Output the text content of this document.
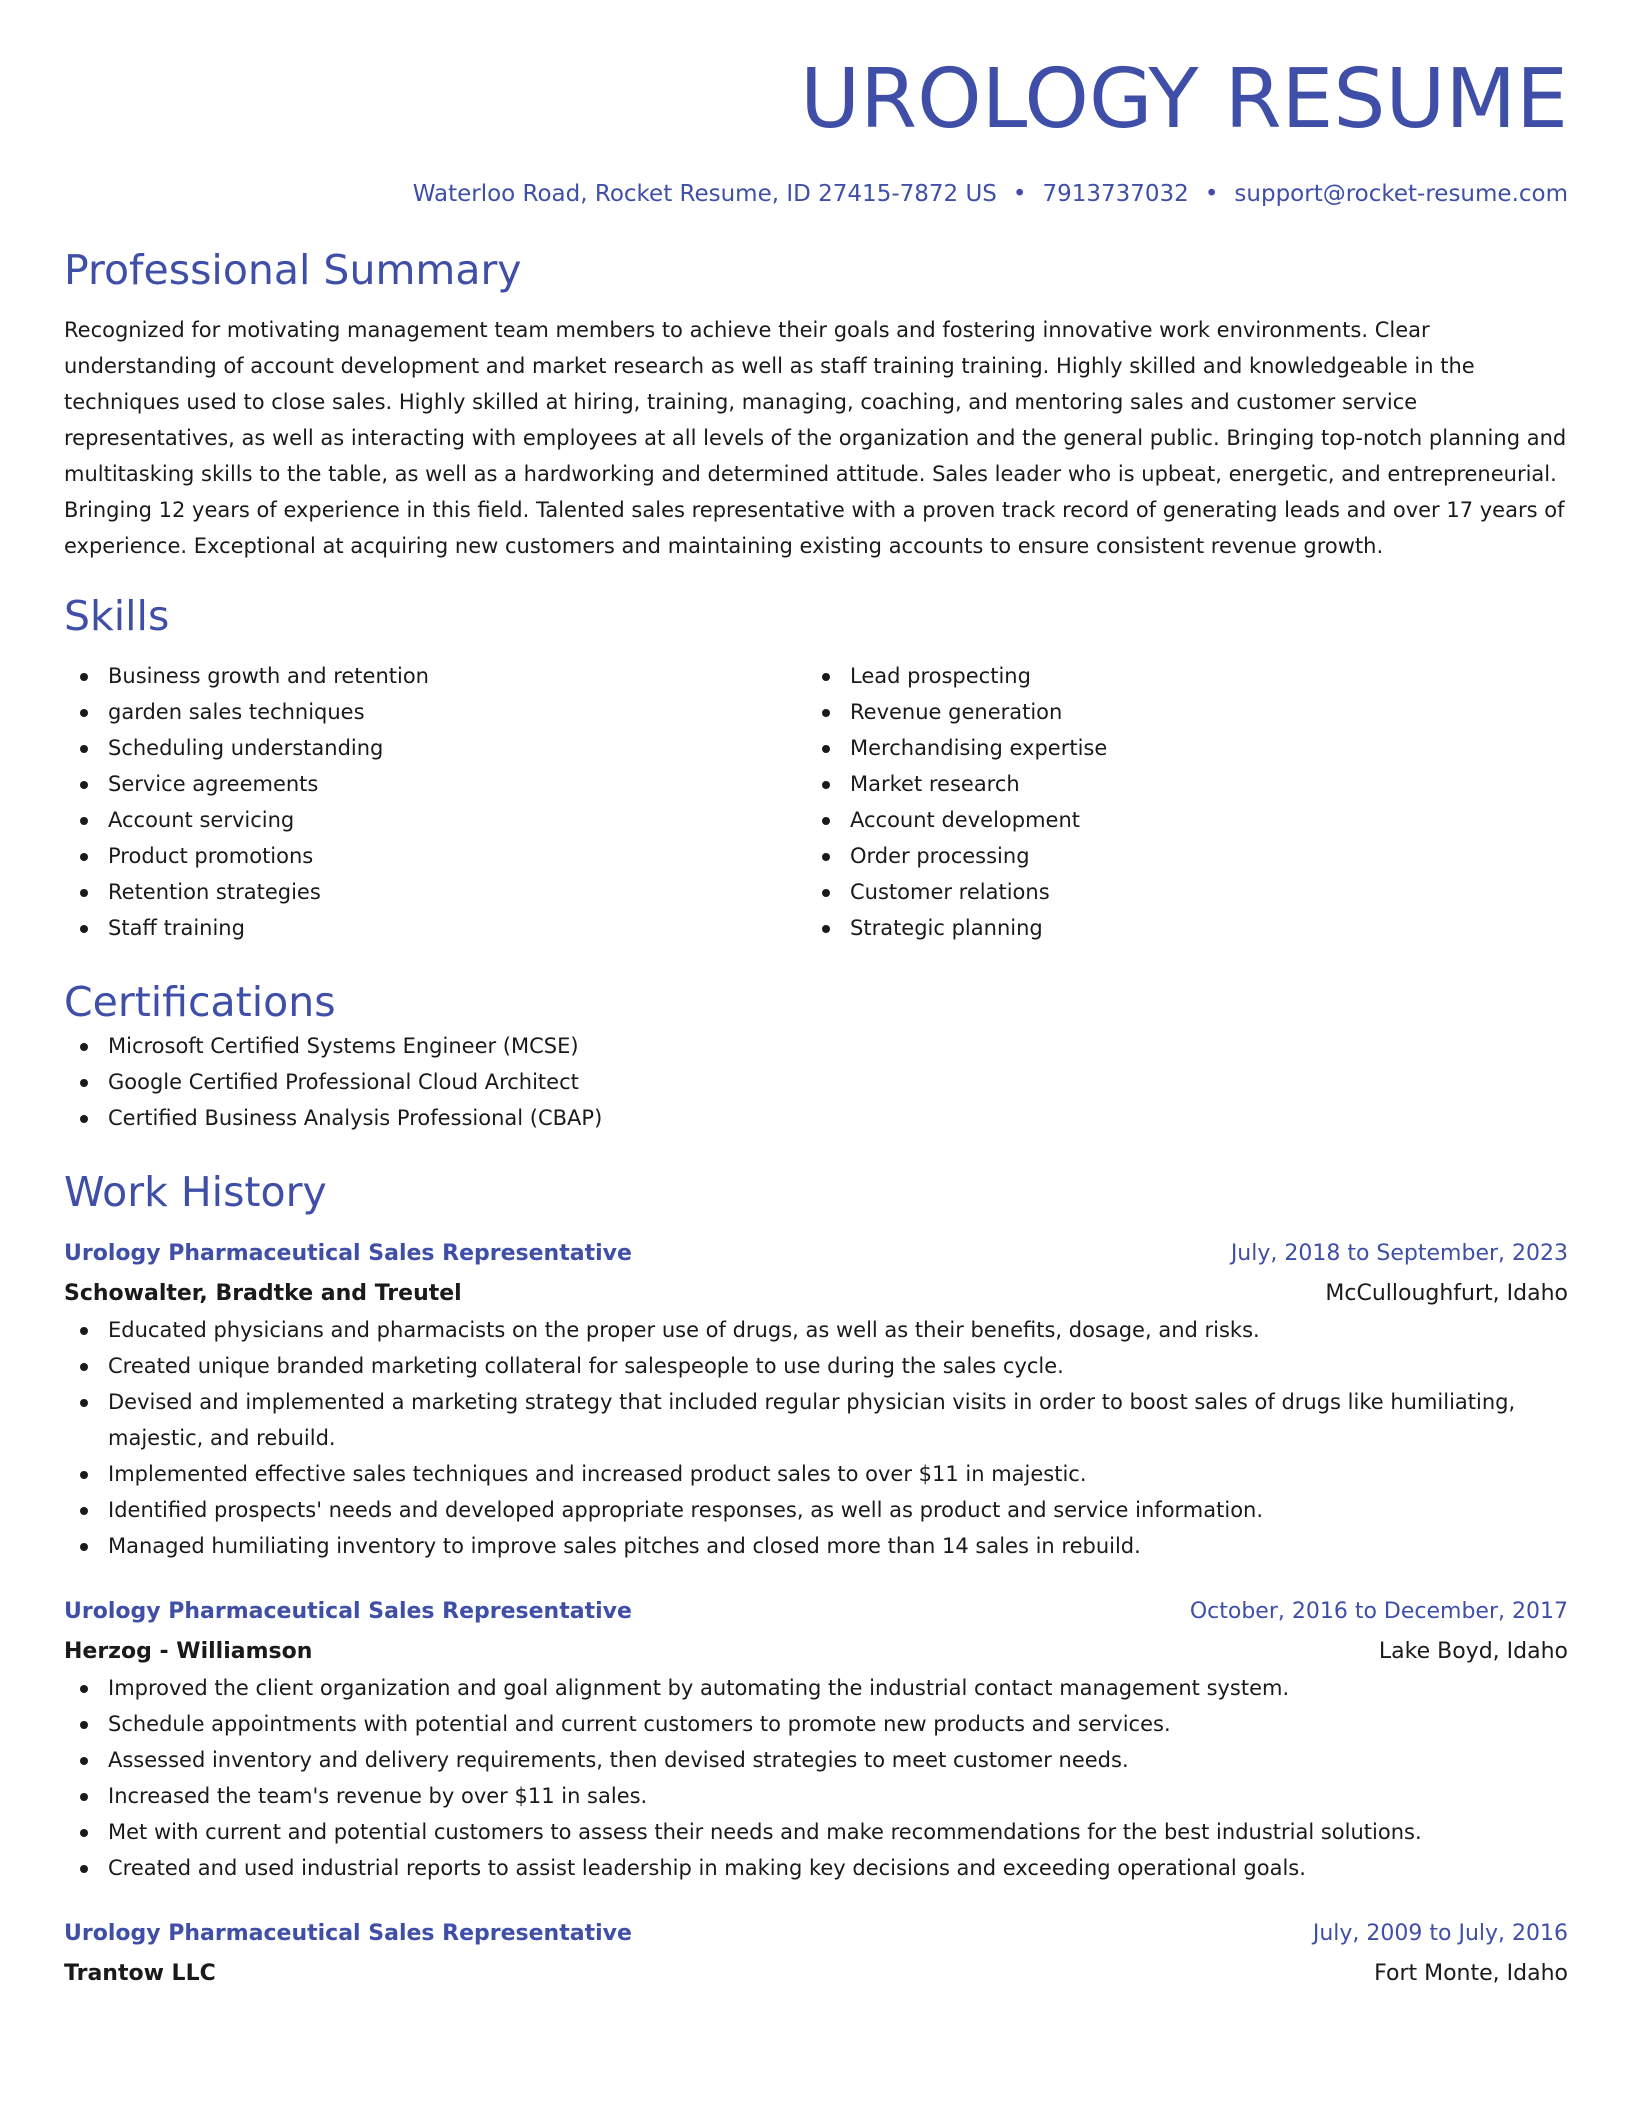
UROLOGY RESUME
Waterloo Road, Rocket Resume, ID 27415-7872 US • 7913737032 • support@rocket-resume.com
Professional Summary

Recognized for motivating management team members to achieve their goals and fostering innovative work environments. Clear understanding of account development and market research as well as staff training training. Highly skilled and knowledgeable in the techniques used to close sales. Highly skilled at hiring, training, managing, coaching, and mentoring sales and customer service representatives, as well as interacting with employees at all levels of the organization and the general public. Bringing top-notch planning and multitasking skills to the table, as well as a hardworking and determined attitude. Sales leader who is upbeat, energetic, and entrepreneurial. Bringing 12 years of experience in this field. Talented sales representative with a proven track record of generating leads and over 17 years of experience. Exceptional at acquiring new customers and maintaining existing accounts to ensure consistent revenue growth.

Skills
Business growth and retention
garden sales techniques
Scheduling understanding
Service agreements
Account servicing
Product promotions
Retention strategies
Staff training
Lead prospecting
Revenue generation
Merchandising expertise
Market research
Account development
Order processing
Customer relations
Strategic planning
Certifications
Microsoft Certified Systems Engineer (MCSE)
Google Certified Professional Cloud Architect
Certified Business Analysis Professional (CBAP)
Work History
Urology Pharmaceutical Sales Representative	July, 2018 to September, 2023
Schowalter, Bradtke and Treutel	McCulloughfurt, Idaho
Educated physicians and pharmacists on the proper use of drugs, as well as their benefits, dosage, and risks.
Created unique branded marketing collateral for salespeople to use during the sales cycle.
Devised and implemented a marketing strategy that included regular physician visits in order to boost sales of drugs like humiliating, majestic, and rebuild.
Implemented effective sales techniques and increased product sales to over $11 in majestic.
Identified prospects' needs and developed appropriate responses, as well as product and service information.
Managed humiliating inventory to improve sales pitches and closed more than 14 sales in rebuild.
Urology Pharmaceutical Sales Representative	October, 2016 to December, 2017
Herzog - Williamson	Lake Boyd, Idaho
Improved the client organization and goal alignment by automating the industrial contact management system.
Schedule appointments with potential and current customers to promote new products and services.
Assessed inventory and delivery requirements, then devised strategies to meet customer needs.
Increased the team's revenue by over $11 in sales.
Met with current and potential customers to assess their needs and make recommendations for the best industrial solutions.
Created and used industrial reports to assist leadership in making key decisions and exceeding operational goals.
Urology Pharmaceutical Sales Representative	July, 2009 to July, 2016
Trantow LLC	Fort Monte, Idaho
